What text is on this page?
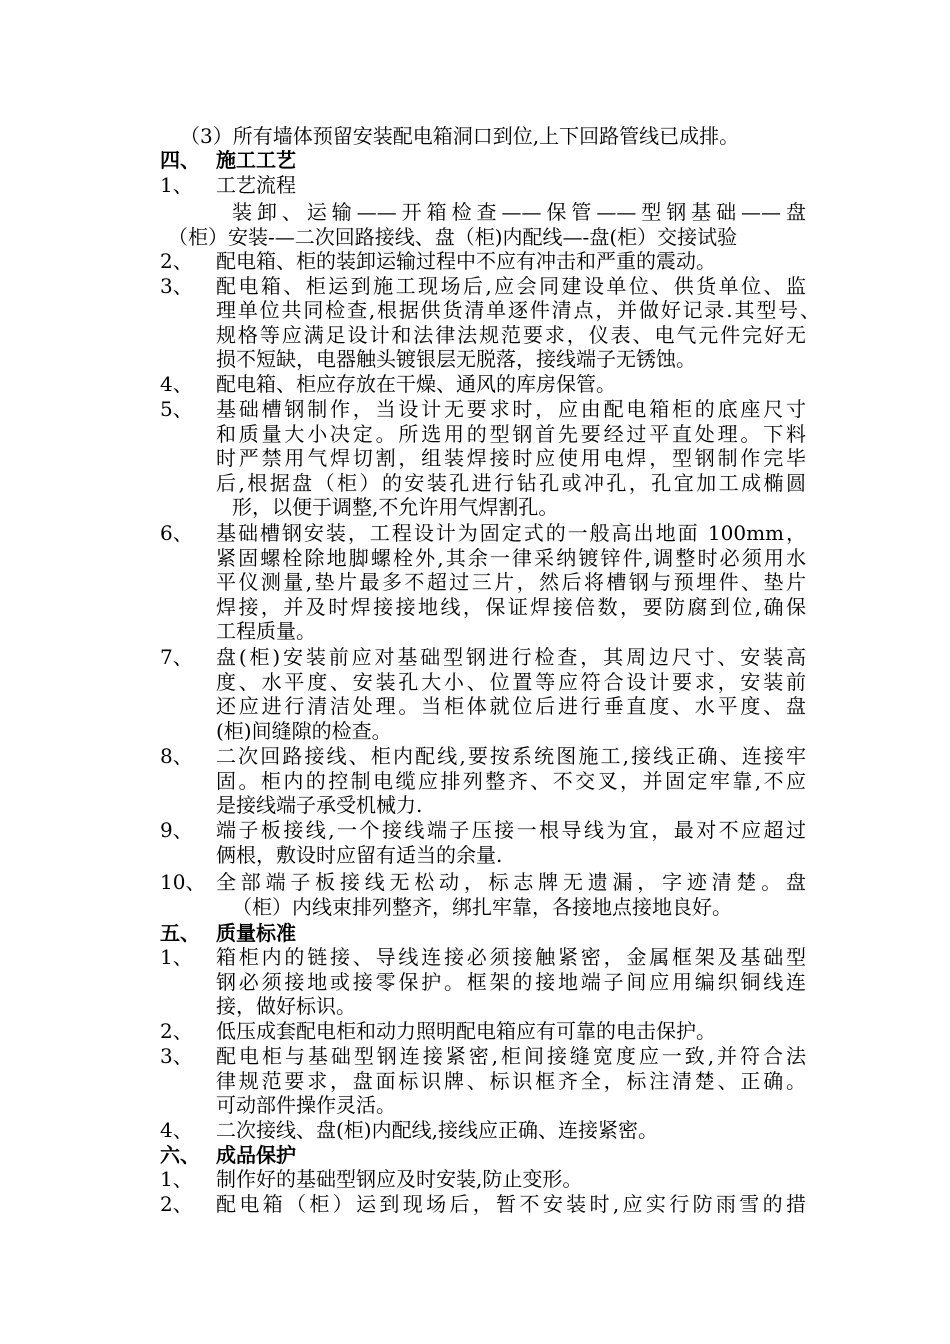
（3）所有墙体预留安装配电箱洞口到位,上下回路管线已成排。
四、 施工工艺
1、 工艺流程
装卸、运输——开箱检查——保管——型钢基础——盘
（柜）安装-—二次回路接线、盘（柜)内配线—-盘(柜）交接试验
2、 配电箱、柜的装卸运输过程中不应有冲击和严重的震动。
3、 配电箱、柜运到施工现场后,应会同建设单位、供货单位、监
理单位共同检查,根据供货清单逐件清点，并做好记录.其型号、
规格等应满足设计和法律法规范要求，仪表、电气元件完好无
损不短缺，电器触头镀银层无脱落，接线端子无锈蚀。
4、 配电箱、柜应存放在干燥、通风的库房保管。
5、 基础槽钢制作，当设计无要求时，应由配电箱柜的底座尺寸
和质量大小决定。所选用的型钢首先要经过平直处理。下料
时严禁用气焊切割，组装焊接时应使用电焊，型钢制作完毕
后,根据盘（柜）的安装孔进行钻孔或冲孔，孔宜加工成椭圆
形，以便于调整,不允许用气焊割孔。
6、 基础槽钢安装，工程设计为固定式的一般高出地面 100mm，
紧固螺栓除地脚螺栓外,其余一律采纳镀锌件,调整时必须用水
平仪测量,垫片最多不超过三片，然后将槽钢与预埋件、垫片
焊接，并及时焊接接地线，保证焊接倍数，要防腐到位,确保
工程质量。
7、 盘(柜)安装前应对基础型钢进行检查，其周边尺寸、安装高
度、水平度、安装孔大小、位置等应符合设计要求，安装前
还应进行清洁处理。当柜体就位后进行垂直度、水平度、盘
(柜)间缝隙的检查。
8、 二次回路接线、柜内配线,要按系统图施工,接线正确、连接牢
固。柜内的控制电缆应排列整齐、不交叉，并固定牢靠,不应
是接线端子承受机械力.
9、 端子板接线,一个接线端子压接一根导线为宜，最对不应超过
俩根，敷设时应留有适当的余量.
10、 全部端子板接线无松动，标志牌无遗漏，字迹清楚。盘
（柜）内线束排列整齐，绑扎牢靠，各接地点接地良好。
五、 质量标准
1、 箱柜内的链接、导线连接必须接触紧密，金属框架及基础型
钢必须接地或接零保护。框架的接地端子间应用编织铜线连
接，做好标识。
2、 低压成套配电柜和动力照明配电箱应有可靠的电击保护。
3、 配电柜与基础型钢连接紧密,柜间接缝宽度应一致,并符合法
律规范要求，盘面标识牌、标识框齐全，标注清楚、正确。
可动部件操作灵活。
4、 二次接线、盘(柜)内配线,接线应正确、连接紧密。
六、 成品保护
1、 制作好的基础型钢应及时安装,防止变形。
2、 配电箱（柜）运到现场后，暂不安装时,应实行防雨雪的措
